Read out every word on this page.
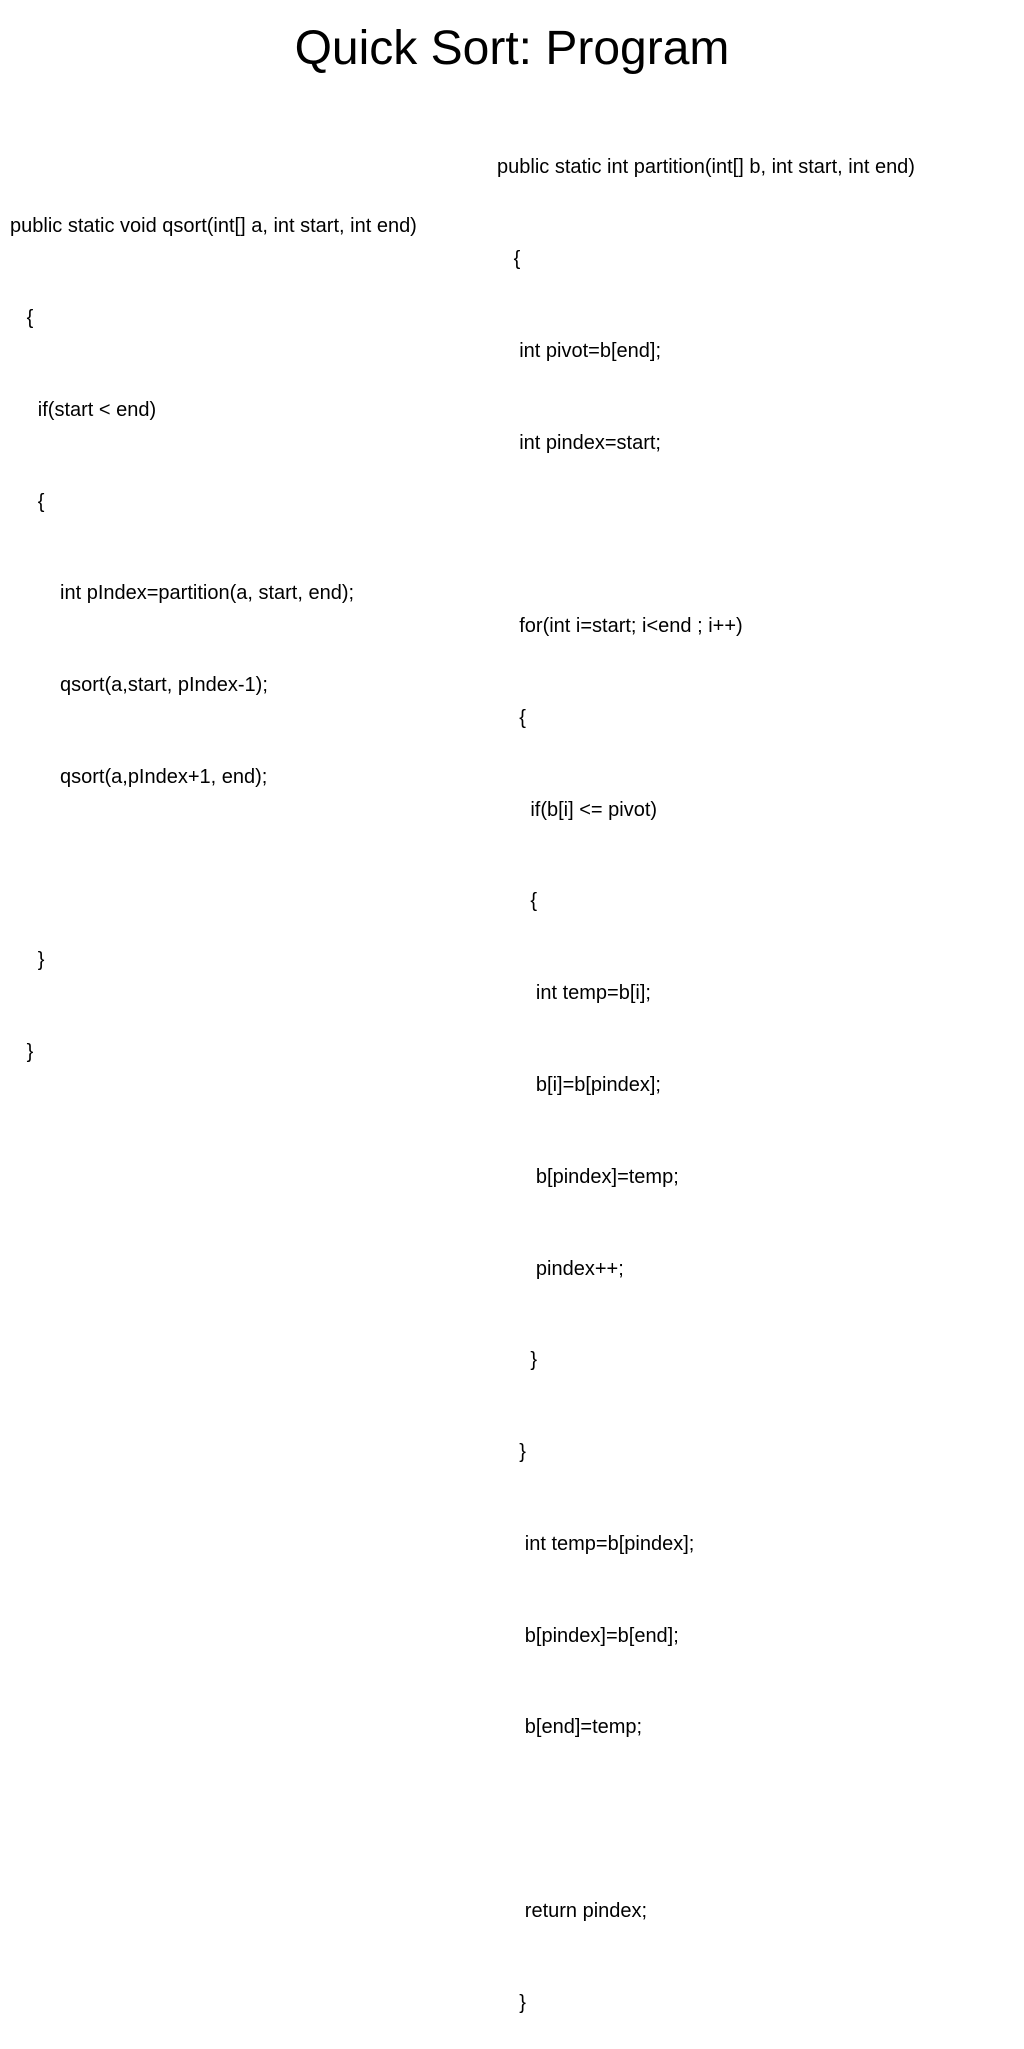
Quick Sort: Program

public static void qsort(int[] a, int start, int end)

{

if(start < end)

{

int pIndex=partition(a, start, end);

qsort(a,start, pIndex-1);

qsort(a,pIndex+1, end);

}

}

public static int partition(int[] b, int start, int end)

{

int pivot=b[end];

int pindex=start;

for(int i=start; i<end ; i++)

{

if(b[i] <= pivot)

{

int temp=b[i];

b[i]=b[pindex];

b[pindex]=temp;

pindex++;

}

}

int temp=b[pindex];

b[pindex]=b[end];

b[end]=temp;

return pindex;

}
